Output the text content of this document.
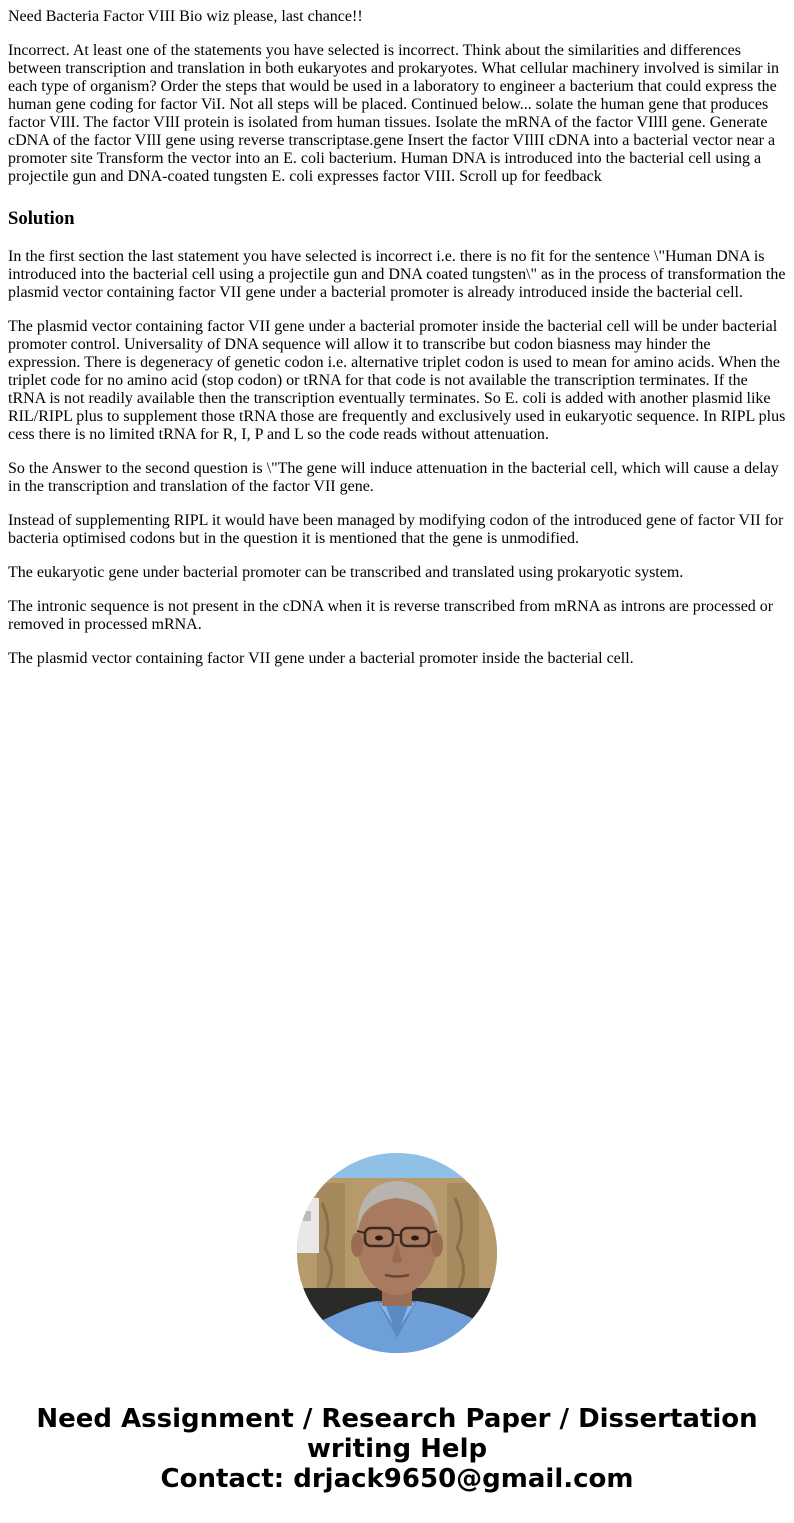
Need Bacteria Factor VIII Bio wiz please, last chance!!

Incorrect. At least one of the statements you have selected is incorrect. Think about the similarities and differences between transcription and translation in both eukaryotes and prokaryotes. What cellular machinery involved is similar in each type of organism? Order the steps that would be used in a laboratory to engineer a bacterium that could express the human gene coding for factor ViI. Not all steps will be placed. Continued below... solate the human gene that produces factor VIlI. The factor VIlI protein is isolated from human tissues. Isolate the mRNA of the factor VIlIl gene. Generate cDNA of the factor VIlI gene using reverse transcriptase.gene Insert the factor VIlII cDNA into a bacterial vector near a promoter site Transform the vector into an E. coli bacterium. Human DNA is introduced into the bacterial cell using a projectile gun and DNA-coated tungsten E. coli expresses factor VIII. Scroll up for feedback

Solution

In the first section the last statement you have selected is incorrect i.e. there is no fit for the sentence \"Human DNA is introduced into the bacterial cell using a projectile gun and DNA coated tungsten\" as in the process of transformation the plasmid vector containing factor VII gene under a bacterial promoter is already introduced inside the bacterial cell.

The plasmid vector containing factor VII gene under a bacterial promoter inside the bacterial cell will be under bacterial promoter control. Universality of DNA sequence will allow it to transcribe but codon biasness may hinder the expression. There is degeneracy of genetic codon i.e. alternative triplet codon is used to mean for amino acids. When the triplet code for no amino acid (stop codon) or tRNA for that code is not available the transcription terminates. If the tRNA is not readily available then the transcription eventually terminates. So E. coli is added with another plasmid like RIL/RIPL plus to supplement those tRNA those are frequently and exclusively used in eukaryotic sequence. In RIPL plus cess there is no limited tRNA for R, I, P and L so the code reads without attenuation.

So the Answer to the second question is \"The gene will induce attenuation in the bacterial cell, which will cause a delay in the transcription and translation of the factor VII gene.

Instead of supplementing RIPL it would have been managed by modifying codon of the introduced gene of factor VII for bacteria optimised codons but in the question it is mentioned that the gene is unmodified.

The eukaryotic gene under bacterial promoter can be transcribed and translated using prokaryotic system.

The intronic sequence is not present in the cDNA when it is reverse transcribed from mRNA as introns are processed or removed in processed mRNA.

The plasmid vector containing factor VII gene under a bacterial promoter inside the bacterial cell.

Need Assignment / Research Paper / Dissertation
writing Help
Contact: drjack9650@gmail.com
